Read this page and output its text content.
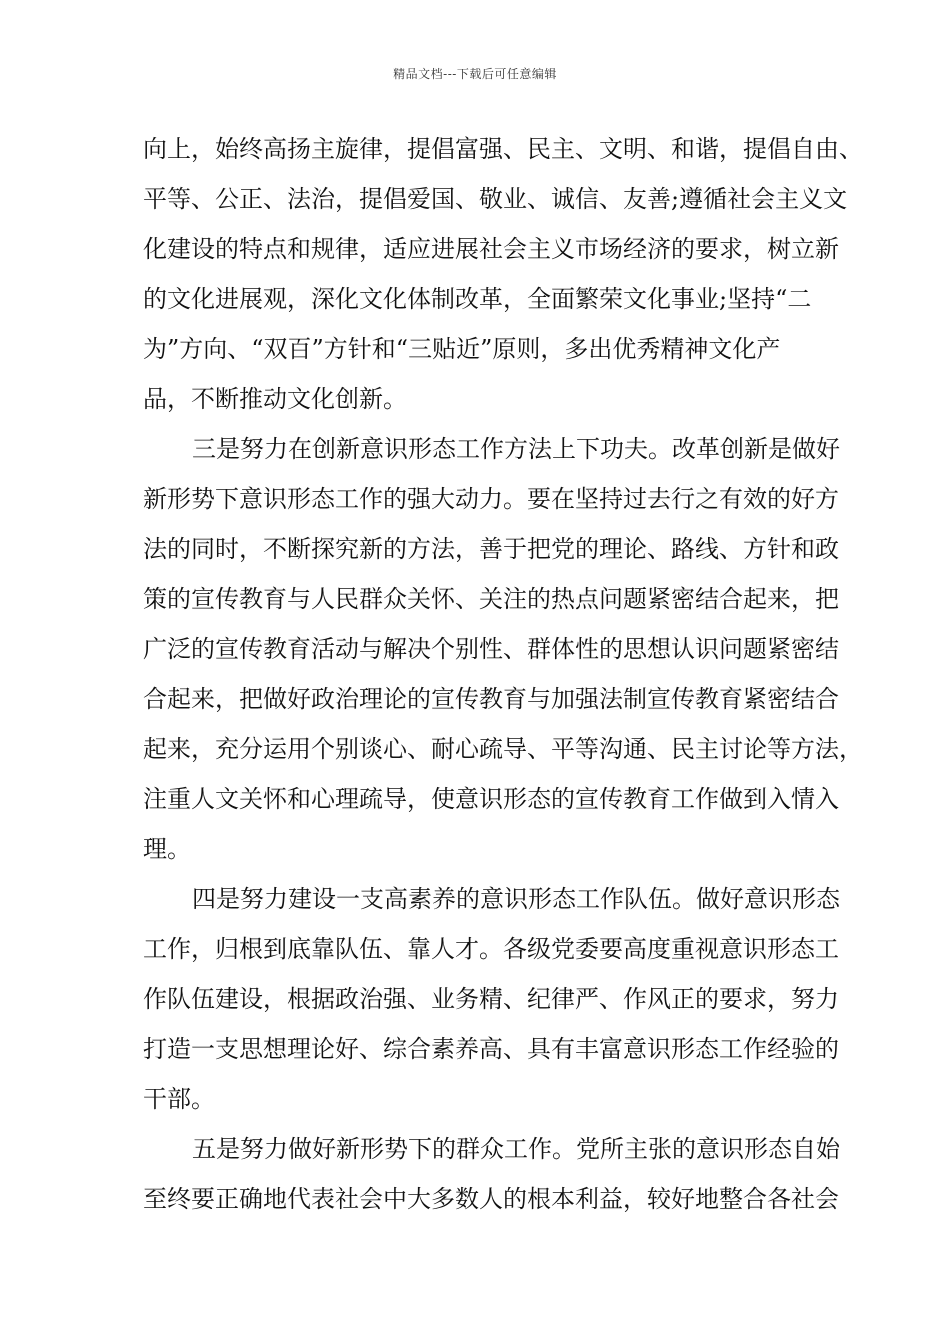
精品文档---下载后可任意编辑
向上，始终高扬主旋律，提倡富强、民主、文明、和谐，提倡自由、
平等、公正、法治，提倡爱国、敬业、诚信、友善;遵循社会主义文
化建设的特点和规律，适应进展社会主义市场经济的要求，树立新
的文化进展观，深化文化体制改革，全面繁荣文化事业;坚持“二
为”方向、“双百”方针和“三贴近”原则，多出优秀精神文化产
品，不断推动文化创新。
三是努力在创新意识形态工作方法上下功夫。改革创新是做好
新形势下意识形态工作的强大动力。要在坚持过去行之有效的好方
法的同时，不断探究新的方法，善于把党的理论、路线、方针和政
策的宣传教育与人民群众关怀、关注的热点问题紧密结合起来，把
广泛的宣传教育活动与解决个别性、群体性的思想认识问题紧密结
合起来，把做好政治理论的宣传教育与加强法制宣传教育紧密结合
起来，充分运用个别谈心、耐心疏导、平等沟通、民主讨论等方法，
注重人文关怀和心理疏导，使意识形态的宣传教育工作做到入情入
理。
四是努力建设一支高素养的意识形态工作队伍。做好意识形态
工作，归根到底靠队伍、靠人才。各级党委要高度重视意识形态工
作队伍建设，根据政治强、业务精、纪律严、作风正的要求，努力
打造一支思想理论好、综合素养高、具有丰富意识形态工作经验的
干部。
五是努力做好新形势下的群众工作。党所主张的意识形态自始
至终要正确地代表社会中大多数人的根本利益，较好地整合各社会
